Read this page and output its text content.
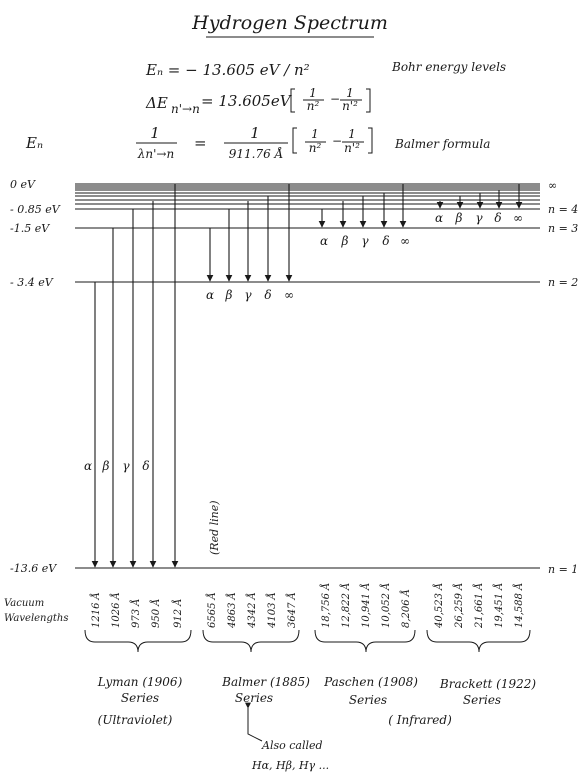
Hydrogen Spectrum
Eₙ = − 13.605 eV / n²	Bohr energy levels
ΔE n'→n = 13.605eV 1
n² − 1
n'²
Eₙ
1
λn'→n
=
1
911.76 Å
1
n² − 1
n'²	Balmer formula
0 eV
- 0.85 eV
-1.5 eV
- 3.4 eV
-13.6 eV
∞
n = 4
n = 3
n = 2
n = 1
α β γ δ
α β γ δ ∞
α β γ δ ∞
α β γ δ ∞
(Red line)
Vacuum
Wavelengths 1216 Å 1026 Å 973 Å 950 Å 912 Å 6565 Å 4863 Å 4342 Å 4103 Å 3647 Å 18,756 Å 12,822 Å 10,941 Å 10,052 Å 8,206 Å 40,523 Å 26,259 Å 21,661 Å 19,451 Å 14,588 Å
Lyman (1906)
Series
(Ultraviolet)
Balmer (1885)
Series
Paschen (1908)
Series
( Infrared)
Brackett (1922)
Series
Also called
Hα, Hβ, Hγ ...
